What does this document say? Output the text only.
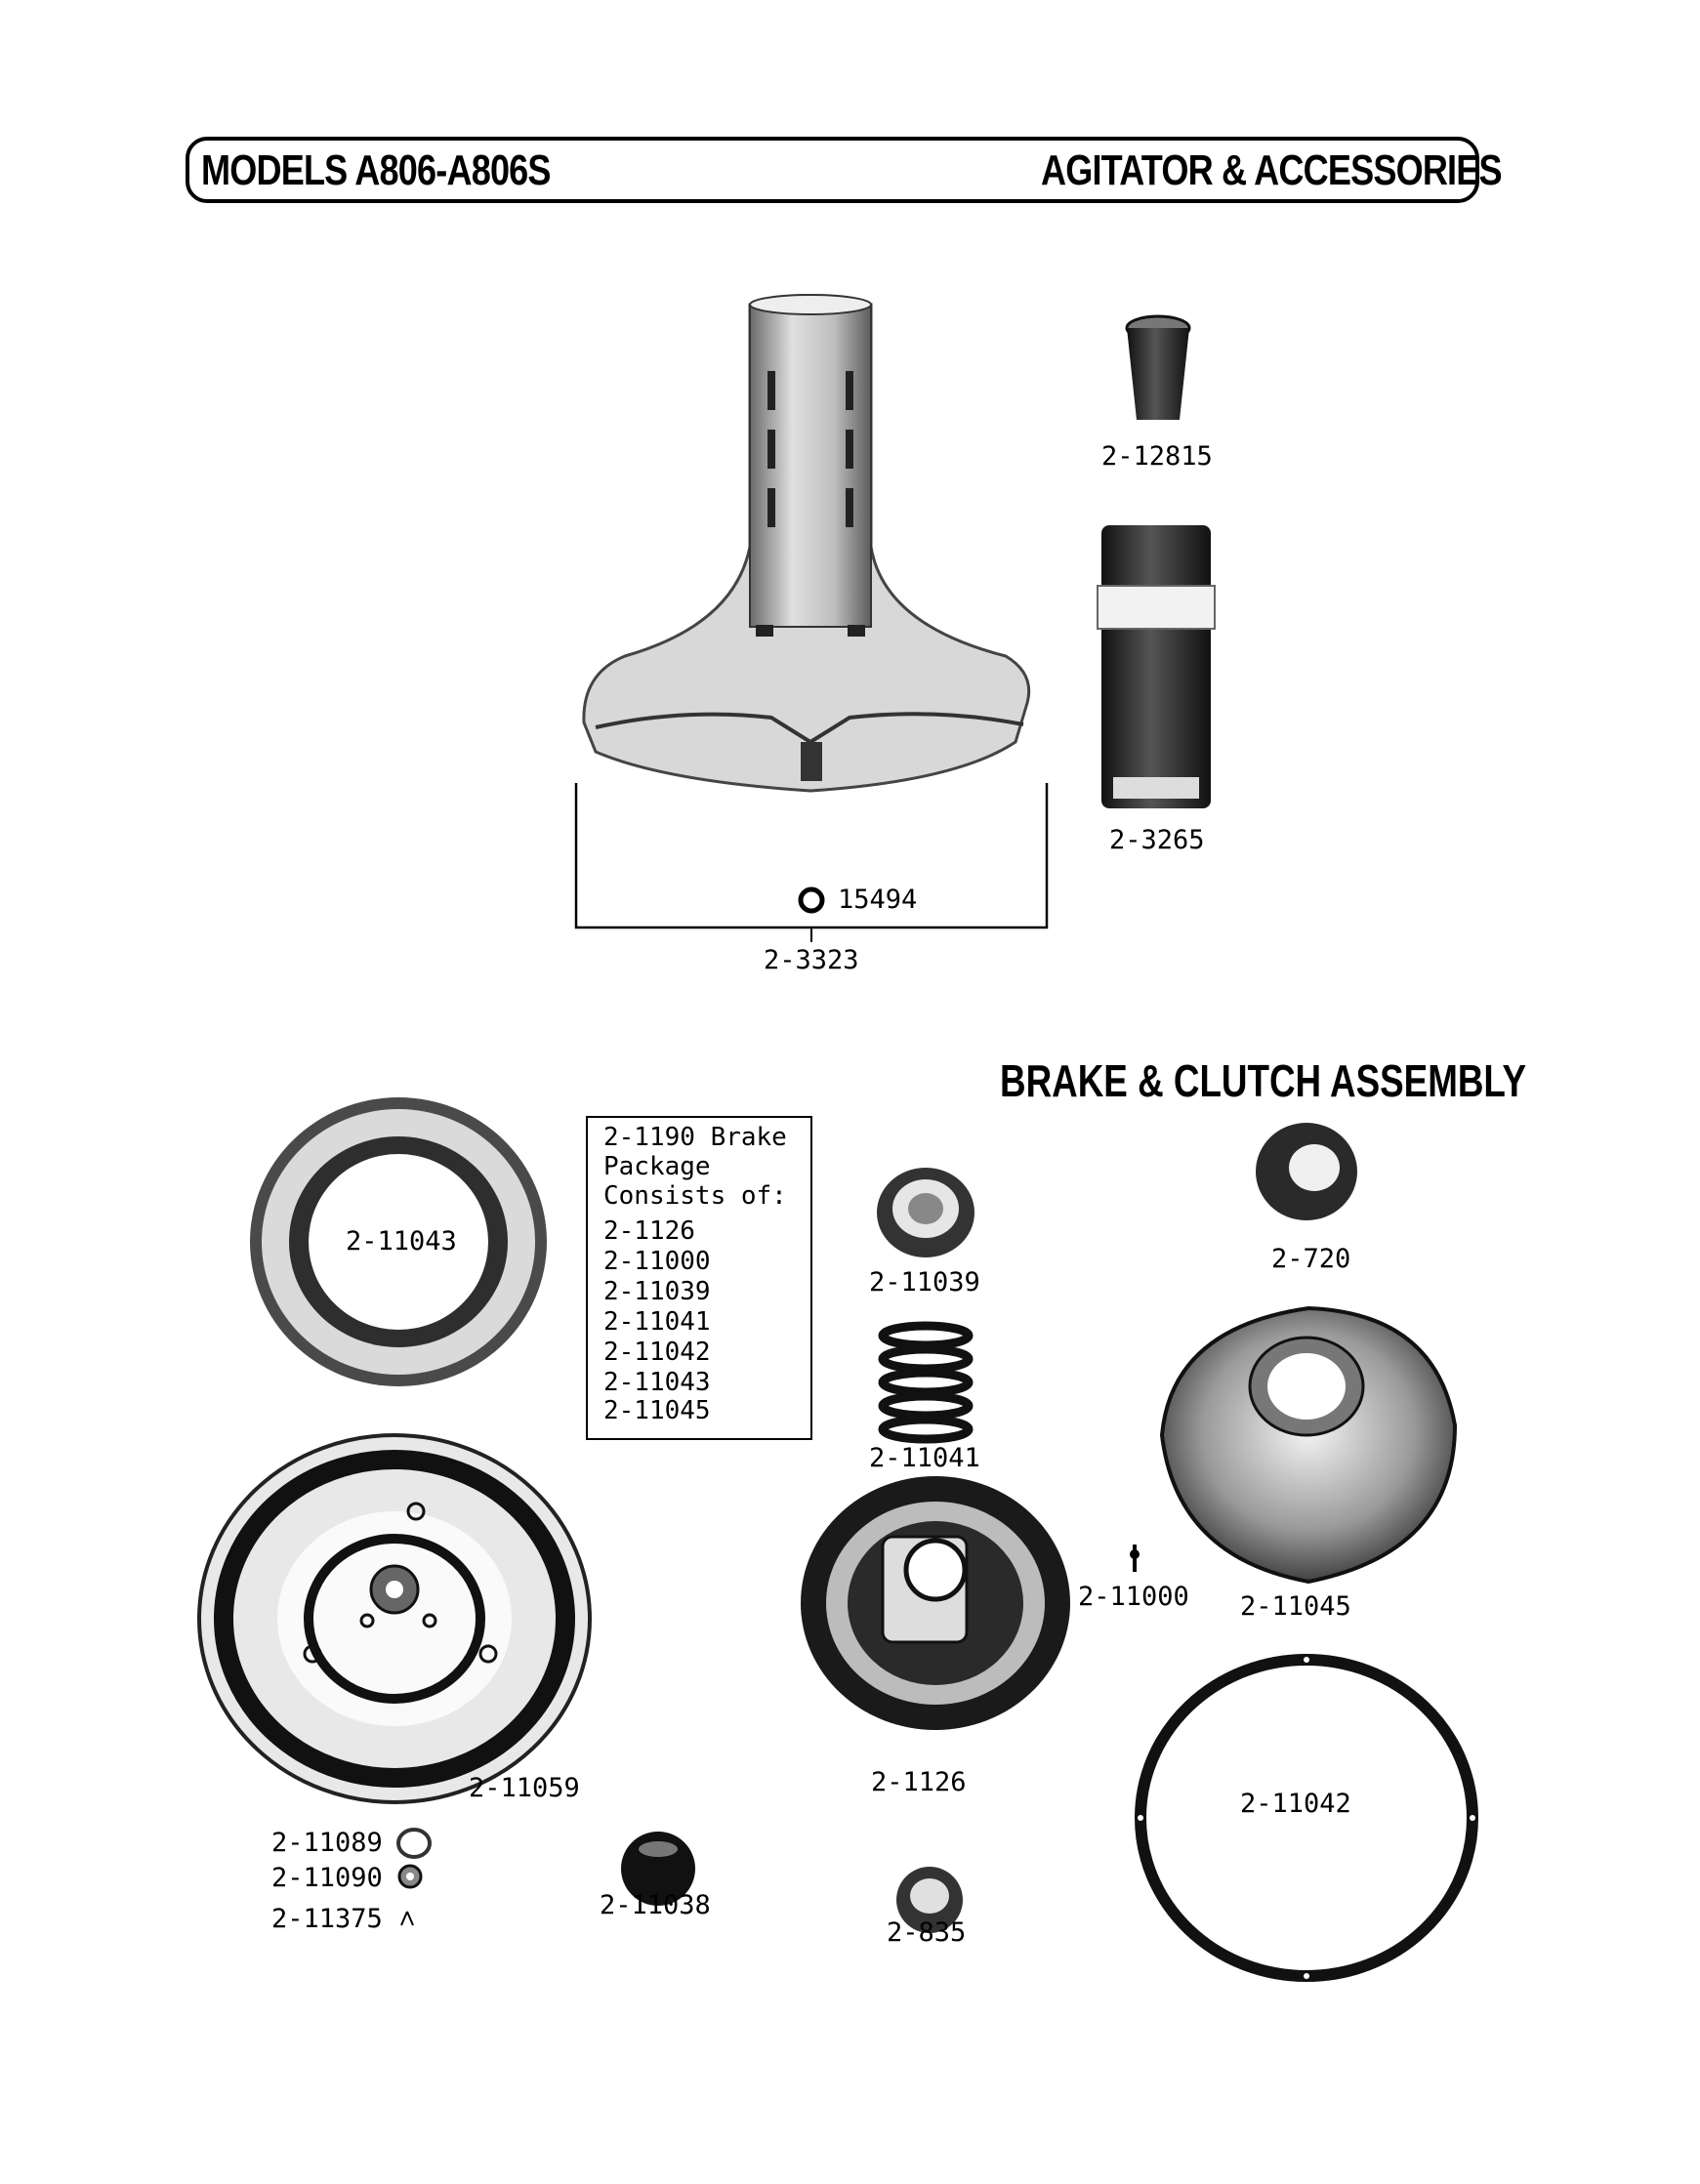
MODELS A806-A806S	AGITATOR & ACCESSORIES
2-12815
2-3265
15494
2-3323
BRAKE & CLUTCH ASSEMBLY
2-1190 Brake
Package
Consists of:
2-1126
2-11000
2-11039
2-11041
2-11042
2-11043
2-11045
2-11043
2-11039
2-720
2-11041
2-11000 2-11045
2-11059	2-1126
2-11042
2-11089
2-11090
2-11375	2-11038
2-835
